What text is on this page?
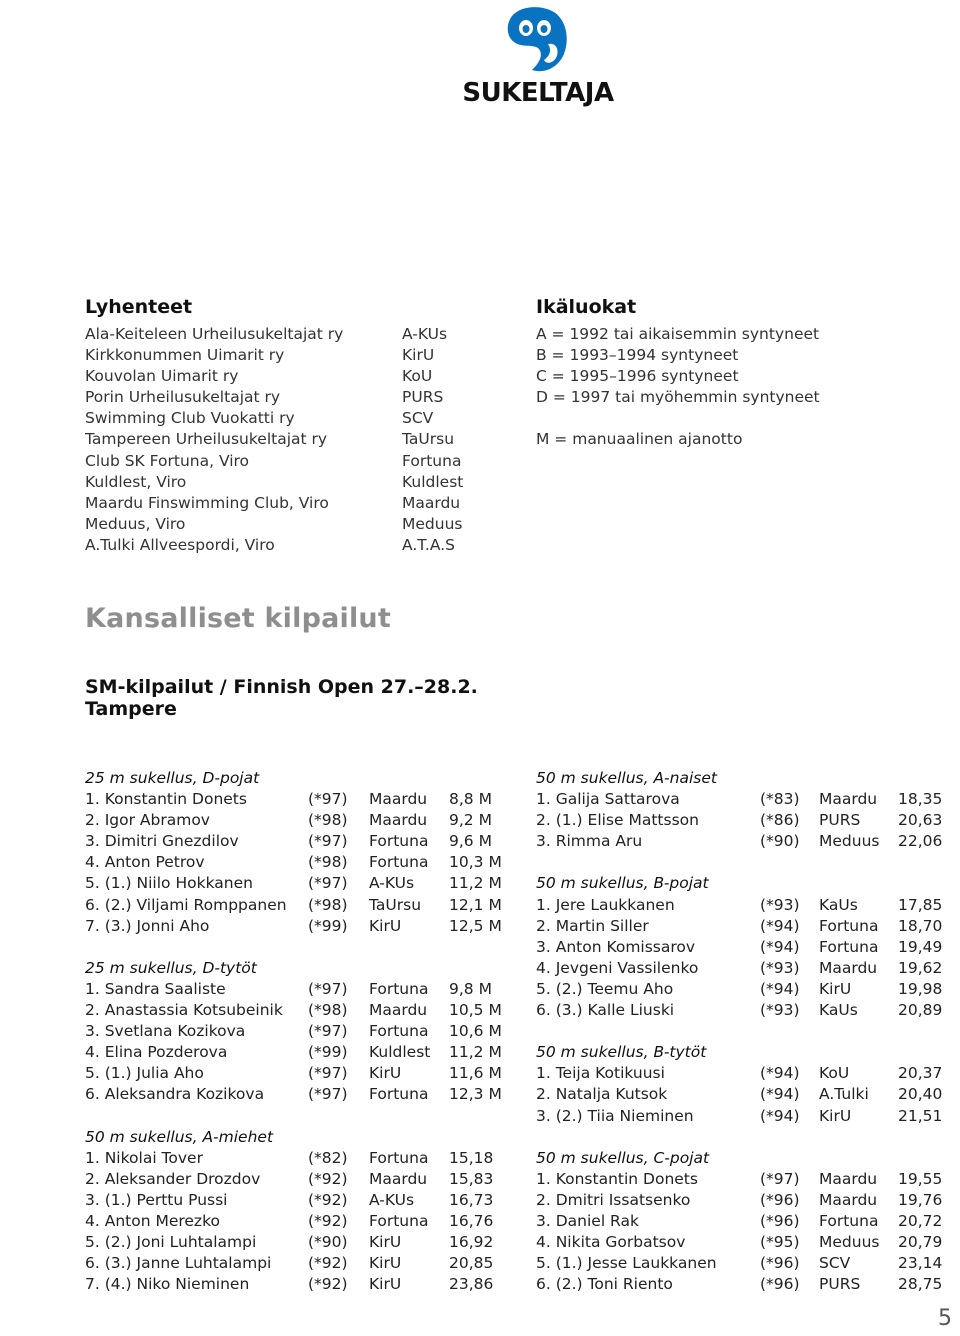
SUKELTAJA
Lyhenteet
Ala-Keiteleen Urheilusukeltajat ry	A-KUs
Kirkkonummen Uimarit ry	KirU
Kouvolan Uimarit ry	KoU
Porin Urheilusukeltajat ry	PURS
Swimming Club Vuokatti ry	SCV
Tampereen Urheilusukeltajat ry	TaUrsu
Club SK Fortuna, Viro	Fortuna
Kuldlest, Viro	Kuldlest
Maardu Finswimming Club, Viro	Maardu
Meduus, Viro	Meduus
A.Tulki Allveespordi, Viro	A.T.A.S
Ikäluokat
A = 1992 tai aikaisemmin syntyneet
B = 1993–1994 syntyneet
C = 1995–1996 syntyneet
D = 1997 tai myöhemmin syntyneet
M = manuaalinen ajanotto
Kansalliset kilpailut
SM-kilpailut / Finnish Open 27.–28.2.
Tampere
25 m sukellus, D-pojat
1. Konstantin Donets	(*97) Maardu 8,8 M
2. Igor Abramov	(*98) Maardu 9,2 M
3. Dimitri Gnezdilov	(*97) Fortuna 9,6 M
4. Anton Petrov	(*98) Fortuna 10,3 M
5. (1.) Niilo Hokkanen	(*97) A-KUs 11,2 M
6. (2.) Viljami Romppanen (*98) TaUrsu 12,1 M
7. (3.) Jonni Aho	(*99) KirU	12,5 M
25 m sukellus, D-tytöt
1. Sandra Saaliste	(*97) Fortuna 9,8 M
2. Anastassia Kotsubeinik (*98) Maardu 10,5 M
3. Svetlana Kozikova	(*97) Fortuna 10,6 M
4. Elina Pozderova	(*99) Kuldlest 11,2 M
5. (1.) Julia Aho	(*97) KirU	11,6 M
6. Aleksandra Kozikova	(*97) Fortuna 12,3 M
50 m sukellus, A-miehet
1. Nikolai Tover	(*82) Fortuna 15,18
2. Aleksander Drozdov	(*92) Maardu 15,83
3. (1.) Perttu Pussi	(*92) A-KUs 16,73
4. Anton Merezko	(*92) Fortuna 16,76
5. (2.) Joni Luhtalampi	(*90) KirU	16,92
6. (3.) Janne Luhtalampi (*92) KirU	20,85
7. (4.) Niko Nieminen	(*92) KirU	23,86
50 m sukellus, A-naiset
1. Galija Sattarova	(*83) Maardu 18,35
2. (1.) Elise Mattsson	(*86) PURS 20,63
3. Rimma Aru	(*90) Meduus 22,06
50 m sukellus, B-pojat
1. Jere Laukkanen	(*93) KaUs	17,85
2. Martin Siller	(*94) Fortuna 18,70
3. Anton Komissarov	(*94) Fortuna 19,49
4. Jevgeni Vassilenko	(*93) Maardu 19,62
5. (2.) Teemu Aho	(*94) KirU	19,98
6. (3.) Kalle Liuski	(*93) KaUs	20,89
50 m sukellus, B-tytöt
1. Teija Kotikuusi	(*94) KoU	20,37
2. Natalja Kutsok	(*94) A.Tulki 20,40
3. (2.) Tiia Nieminen	(*94) KirU	21,51
50 m sukellus, C-pojat
1. Konstantin Donets	(*97) Maardu 19,55
2. Dmitri Issatsenko	(*96) Maardu 19,76
3. Daniel Rak	(*96) Fortuna 20,72
4. Nikita Gorbatsov	(*95) Meduus 20,79
5. (1.) Jesse Laukkanen	(*96) SCV	23,14
6. (2.) Toni Riento	(*96) PURS 28,75
5
